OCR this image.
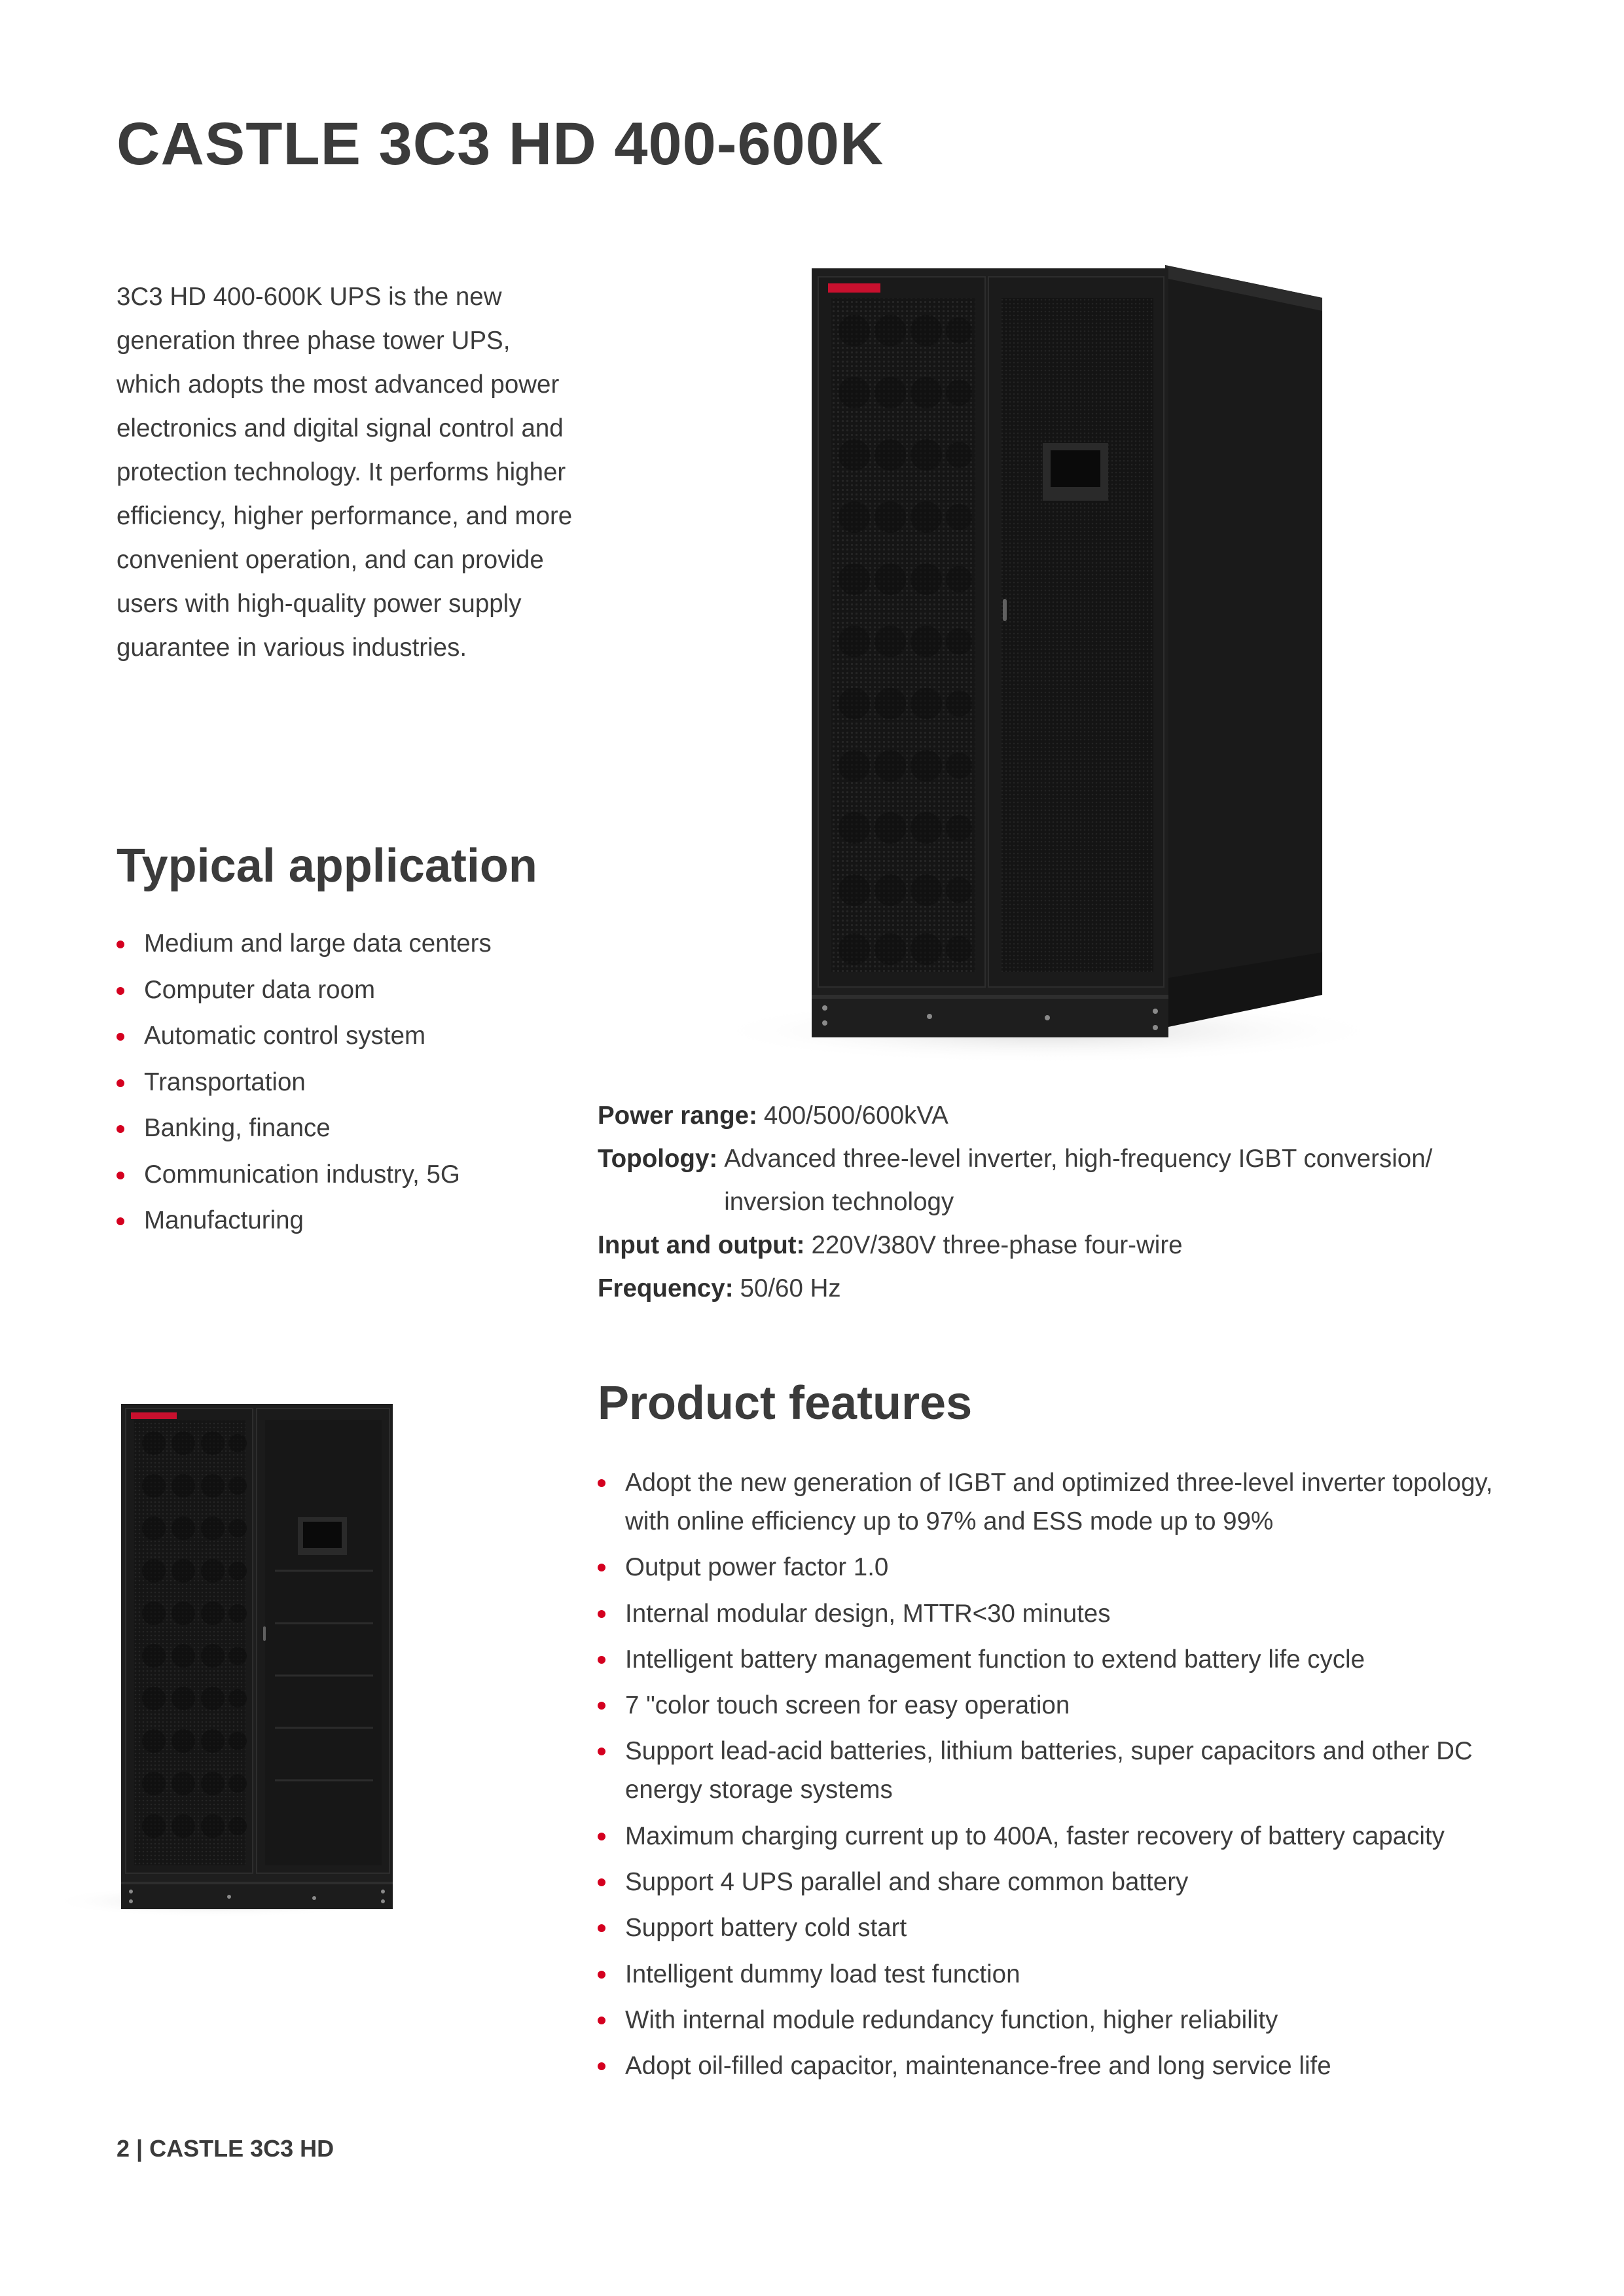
CASTLE 3C3 HD 400-600K

3C3 HD 400-600K UPS is the new generation three phase tower UPS, which adopts the most advanced power electronics and digital signal control and protection technology. It performs higher efficiency, higher performance, and more convenient operation, and can provide users with high-quality power supply guarantee in various industries.

Typical application
Medium and large data centers
Computer data room
Automatic control system
Transportation
Banking, finance
Communication industry, 5G
Manufacturing
Power range: 400/500/600kVA
Topology: Advanced three-level inverter, high-frequency IGBT conversion/ inversion technology
Input and output: 220V/380V three-phase four-wire
Frequency: 50/60 Hz
Product features
Adopt the new generation of IGBT and optimized three-level inverter topology, with online efficiency up to 97% and ESS mode up to 99%
Output power factor 1.0
Internal modular design, MTTR<30 minutes
Intelligent battery management function to extend battery life cycle
7 "color touch screen for easy operation
Support lead-acid batteries, lithium batteries, super capacitors and other DC energy storage systems
Maximum charging current up to 400A, faster recovery of battery capacity
Support 4 UPS parallel and share common battery
Support battery cold start
Intelligent dummy load test function
With internal module redundancy function, higher reliability
Adopt oil-filled capacitor, maintenance-free and long service life
2 | CASTLE 3C3 HD
